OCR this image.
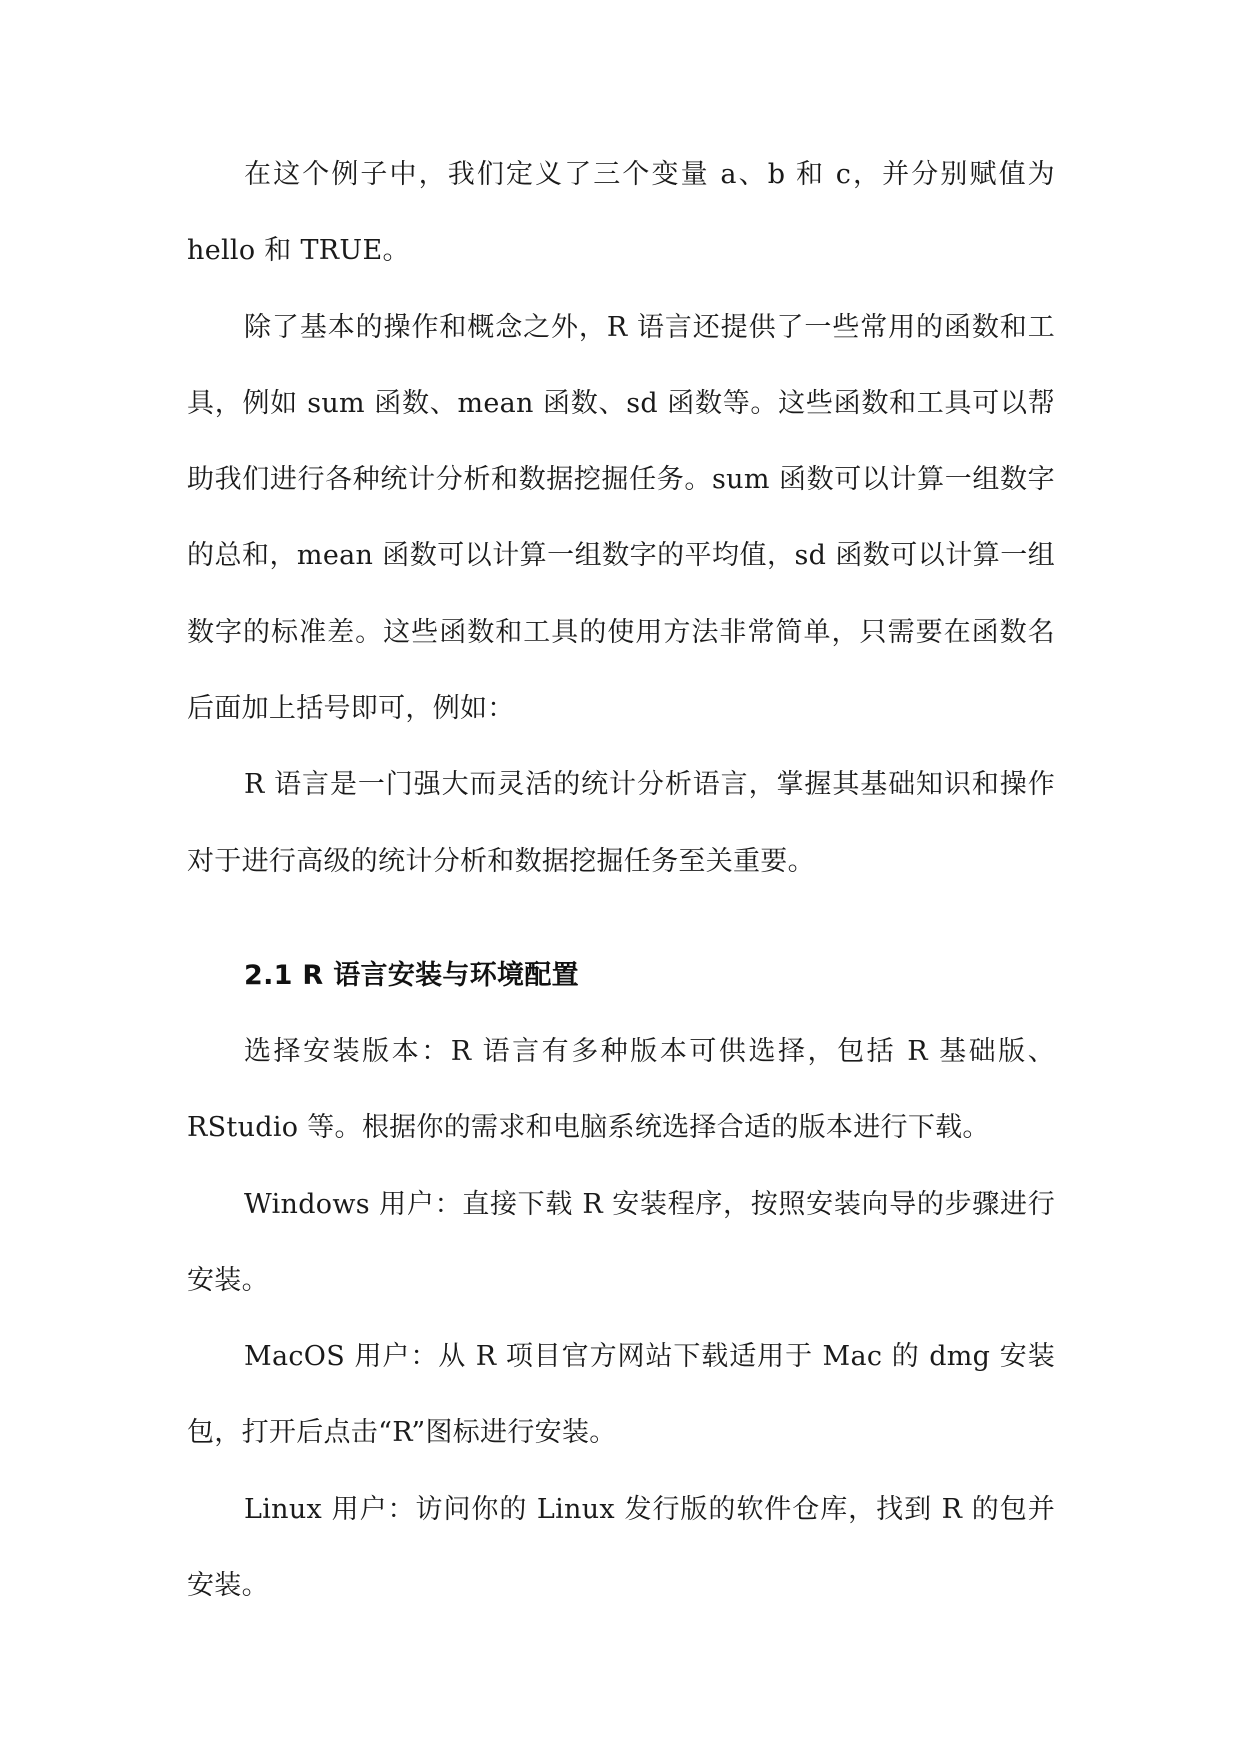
在这个例子中，我们定义了三个变量 a、b 和 c，并分别赋值为 hello 和 TRUE。

除了基本的操作和概念之外，R 语言还提供了一些常用的函数和工具，例如 sum 函数、mean 函数、sd 函数等。这些函数和工具可以帮助我们进行各种统计分析和数据挖掘任务。sum 函数可以计算一组数字的总和，mean 函数可以计算一组数字的平均值，sd 函数可以计算一组数字的标准差。这些函数和工具的使用方法非常简单，只需要在函数名后面加上括号即可，例如：

R 语言是一门强大而灵活的统计分析语言，掌握其基础知识和操作对于进行高级的统计分析和数据挖掘任务至关重要。

2.1 R 语言安装与环境配置

选择安装版本：R 语言有多种版本可供选择，包括 R 基础版、RStudio 等。根据你的需求和电脑系统选择合适的版本进行下载。

Windows 用户：直接下载 R 安装程序，按照安装向导的步骤进行安装。

MacOS 用户：从 R 项目官方网站下载适用于 Mac 的 dmg 安装包，打开后点击“R”图标进行安装。

Linux 用户：访问你的 Linux 发行版的软件仓库，找到 R 的包并安装。
